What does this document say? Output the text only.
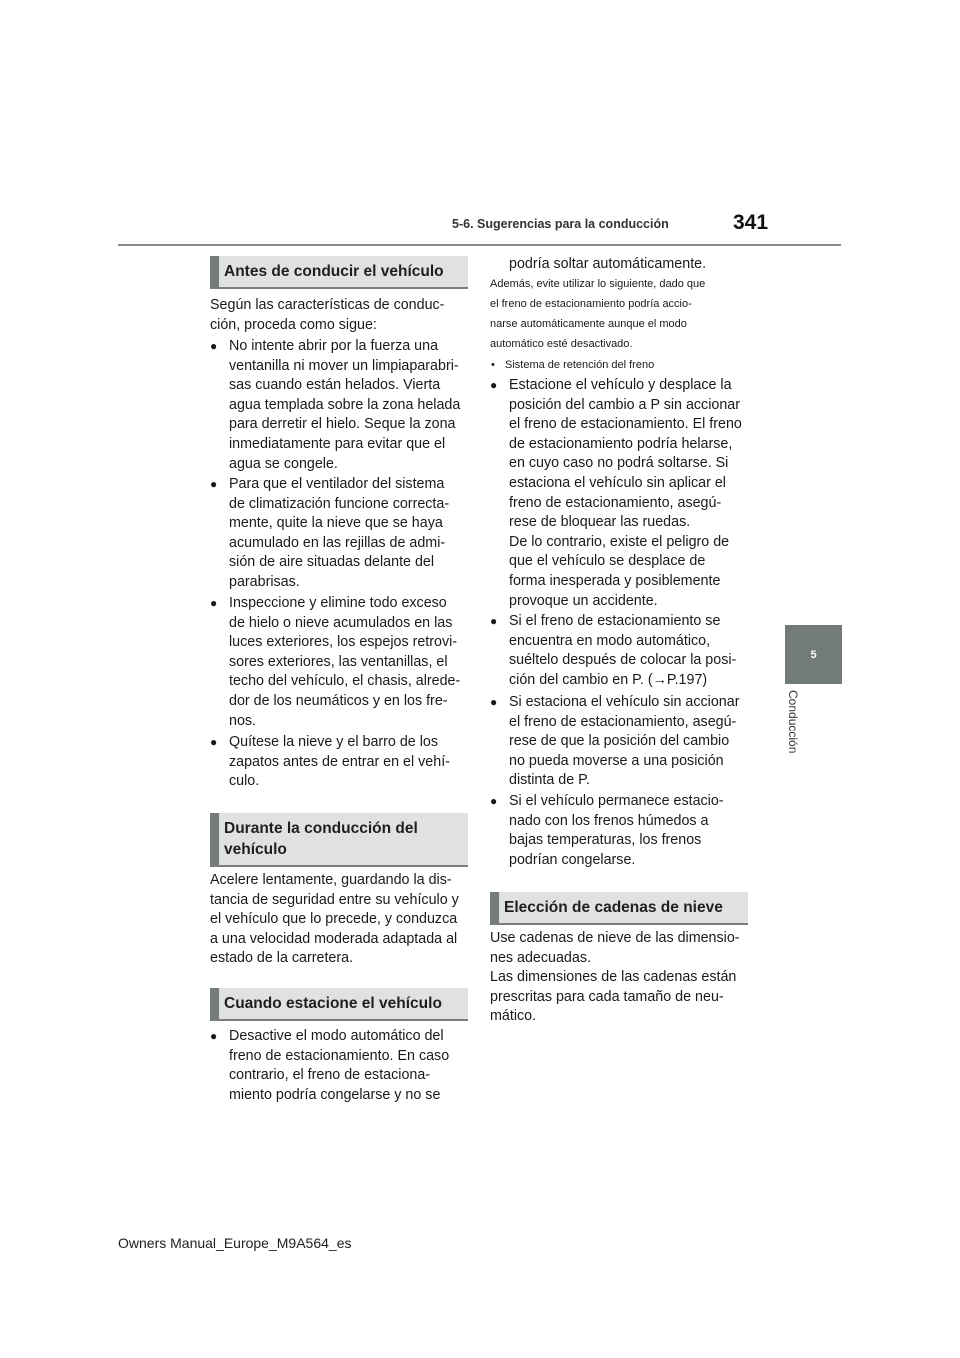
5-6. Sugerencias para la conducción	341
5
Conducción
Antes de conducir el vehículo

Según las características de conduc-
ción, proceda como sigue:

● No intente abrir por la fuerza una
ventanilla ni mover un limpiaparabri-
sas cuando están helados. Vierta
agua templada sobre la zona helada
para derretir el hielo. Seque la zona
inmediatamente para evitar que el
agua se congele.
● Para que el ventilador del sistema
de climatización funcione correcta-
mente, quite la nieve que se haya
acumulado en las rejillas de admi-
sión de aire situadas delante del
parabrisas.
● Inspeccione y elimine todo exceso
de hielo o nieve acumulados en las
luces exteriores, los espejos retrovi-
sores exteriores, las ventanillas, el
techo del vehículo, el chasis, alrede-
dor de los neumáticos y en los fre-
nos.
● Quítese la nieve y el barro de los
zapatos antes de entrar en el vehí-
culo.
Durante la conducción del
vehículo

Acelere lentamente, guardando la dis-
tancia de seguridad entre su vehículo y
el vehículo que lo precede, y conduzca
a una velocidad moderada adaptada al
estado de la carretera.

Cuando estacione el vehículo
● Desactive el modo automático del
freno de estacionamiento. En caso
contrario, el freno de estaciona-
miento podría congelarse y no se

podría soltar automáticamente.

Además, evite utilizar lo siguiente, dado que
el freno de estacionamiento podría accio-
narse automáticamente aunque el modo
automático esté desactivado.

• Sistema de retención del freno
● Estacione el vehículo y desplace la
posición del cambio a P sin accionar
el freno de estacionamiento. El freno
de estacionamiento podría helarse,
en cuyo caso no podrá soltarse. Si
estaciona el vehículo sin aplicar el
freno de estacionamiento, asegú-
rese de bloquear las ruedas.
De lo contrario, existe el peligro de
que el vehículo se desplace de
forma inesperada y posiblemente
provoque un accidente.
● Si el freno de estacionamiento se
encuentra en modo automático,
suéltelo después de colocar la posi-
ción del cambio en P. (→P.197)
● Si estaciona el vehículo sin accionar
el freno de estacionamiento, asegú-
rese de que la posición del cambio
no pueda moverse a una posición
distinta de P.
● Si el vehículo permanece estacio-
nado con los frenos húmedos a
bajas temperaturas, los frenos
podrían congelarse.
Elección de cadenas de nieve

Use cadenas de nieve de las dimensio-
nes adecuadas.
Las dimensiones de las cadenas están
prescritas para cada tamaño de neu-
mático.

Owners Manual_Europe_M9A564_es
